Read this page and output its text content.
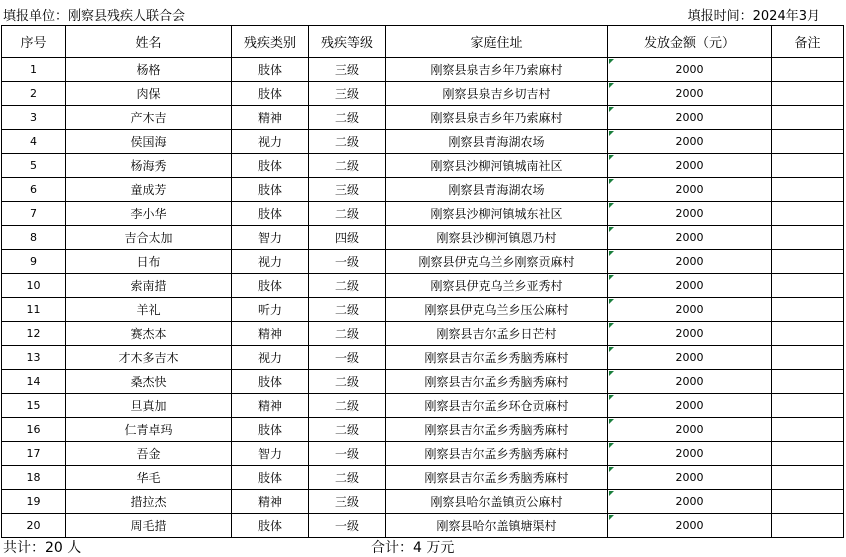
填报单位：刚察县残疾人联合会	填报时间：2024年3月
序号	姓名	残疾类别	残疾等级	家庭住址	发放金额（元）	备注
1	杨格	肢体	三级	刚察县泉吉乡年乃索麻村	2000	
2	肉保	肢体	三级	刚察县泉吉乡切吉村	2000	
3	产木吉	精神	二级	刚察县泉吉乡年乃索麻村	2000	
4	侯国海	视力	二级	刚察县青海湖农场	2000	
5	杨海秀	肢体	二级	刚察县沙柳河镇城南社区	2000	
6	童成芳	肢体	三级	刚察县青海湖农场	2000	
7	李小华	肢体	二级	刚察县沙柳河镇城东社区	2000	
8	吉合太加	智力	四级	刚察县沙柳河镇恩乃村	2000	
9	日布	视力	一级	刚察县伊克乌兰乡刚察贡麻村	2000	
10	索南措	肢体	二级	刚察县伊克乌兰乡亚秀村	2000	
11	羊礼	听力	二级	刚察县伊克乌兰乡压公麻村	2000	
12	赛杰本	精神	二级	刚察县吉尔孟乡日芒村	2000	
13	才木多吉木	视力	一级	刚察县吉尔孟乡秀脑秀麻村	2000	
14	桑杰快	肢体	二级	刚察县吉尔孟乡秀脑秀麻村	2000	
15	旦真加	精神	二级	刚察县吉尔孟乡环仓贡麻村	2000	
16	仁青卓玛	肢体	二级	刚察县吉尔孟乡秀脑秀麻村	2000	
17	吾金	智力	一级	刚察县吉尔孟乡秀脑秀麻村	2000	
18	华毛	肢体	二级	刚察县吉尔孟乡秀脑秀麻村	2000	
19	措拉杰	精神	三级	刚察县哈尔盖镇贡公麻村	2000	
20	周毛措	肢体	一级	刚察县哈尔盖镇塘渠村	2000	
共计：20 人	合计：4 万元
